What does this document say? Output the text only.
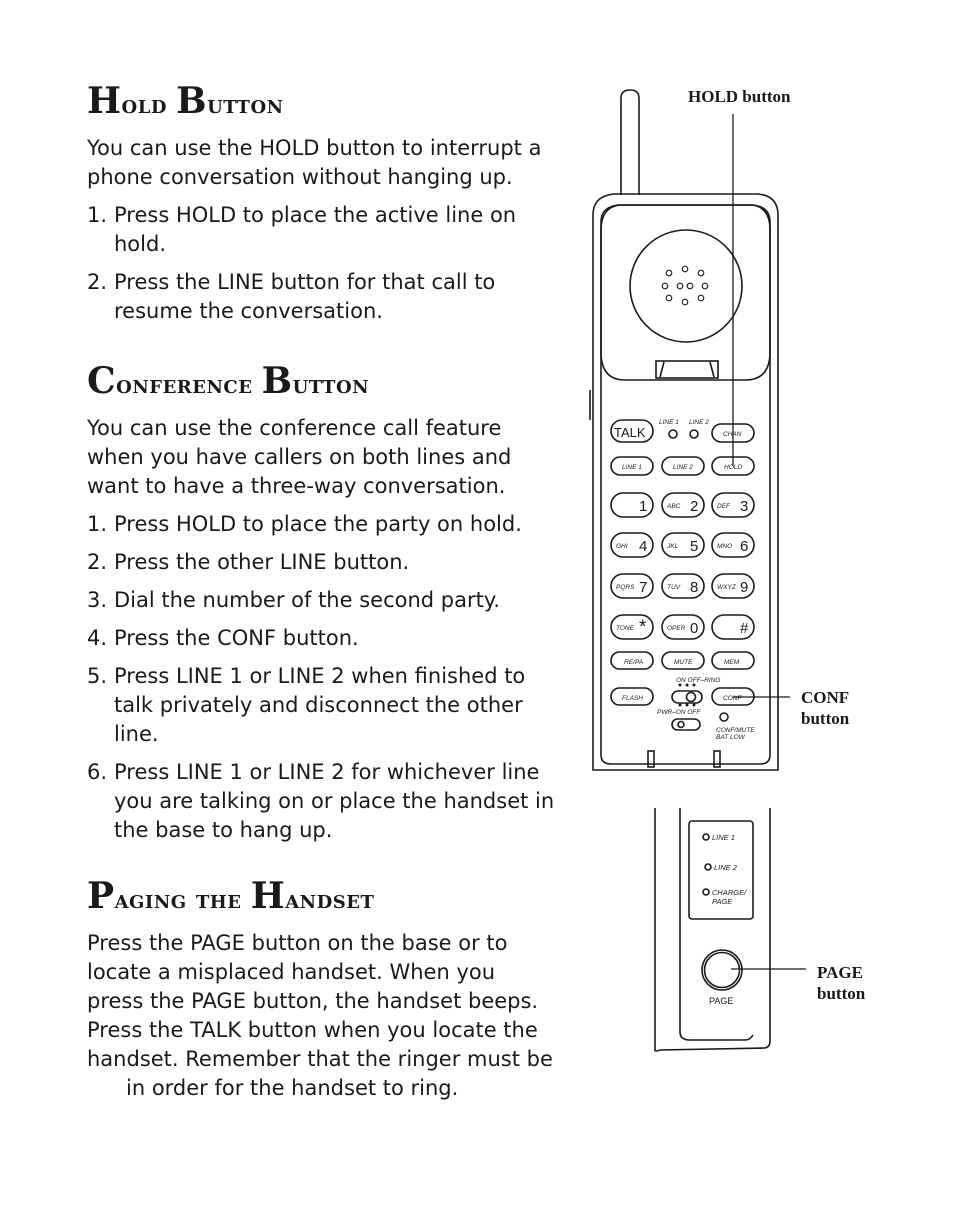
Hold Button

You can use the HOLD button to interrupt a phone conversation without hanging up.

1. Press HOLD to place the active line on hold.
2. Press the LINE button for that call to resume the conversation.
Conference Button

You can use the conference call feature when you have callers on both lines and want to have a three-way conversation.

1. Press HOLD to place the party on hold.
2. Press the other LINE button.
3. Dial the number of the second party.
4. Press the CONF button.
5. Press LINE 1 or LINE 2 when finished to talk privately and disconnect the other line.
6. Press LINE 1 or LINE 2 for whichever line you are talking on or place the handset in the base to hang up.
Paging the Handset

Press the PAGE button on the base or to locate a misplaced handset. When you press the PAGE button, the handset beeps. Press the TALK button when you locate the handset. Remember that the ringer must be

in order for the handset to ring.

HOLD button
CONF
button
PAGE
button
TALK
LINE 1 LINE 2
CHAN
LINE 1	LINE 2	HOLD
RE/PA	MUTE	MEM
ON OFF–RING
FLASH	CONF
PWR–ON OFF
CONF/MUTE
BAT LOW
LINE 1
LINE 2
CHARGE/
PAGE
PAGE
1	ABC 2	DEF 3
GHI 4	JKL 5	MNO 6
PQRS 7	TUV 8	WXYZ 9
TONE *	OPER 0	#
